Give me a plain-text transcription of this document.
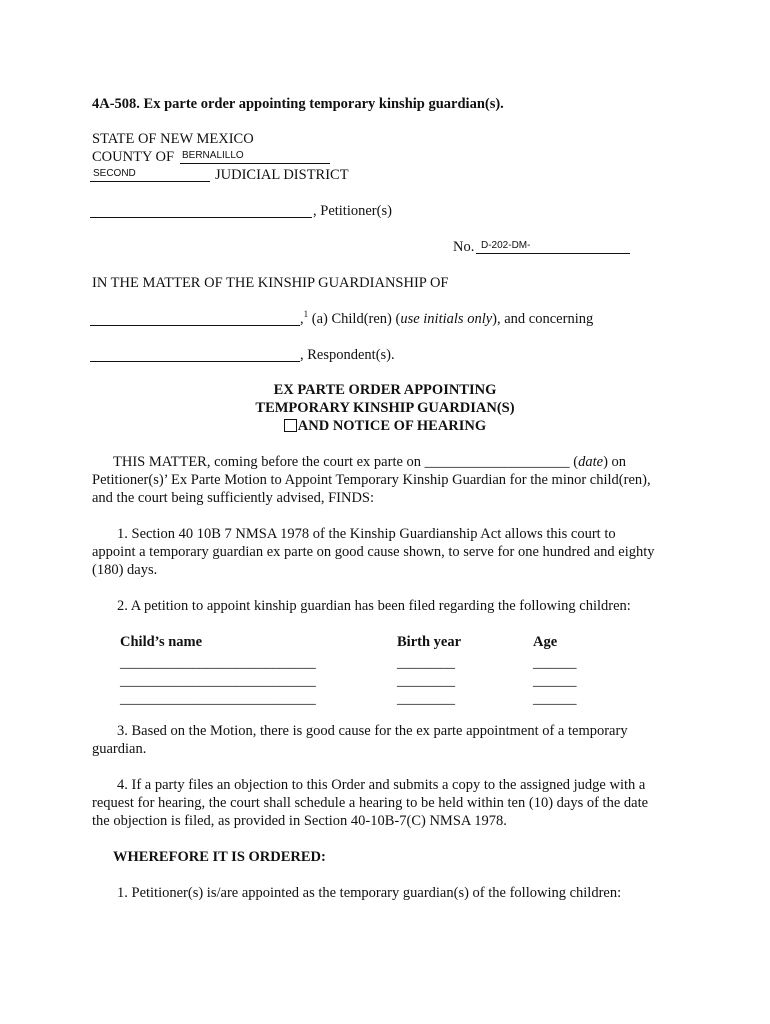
4A-508. Ex parte order appointing temporary kinship guardian(s).
STATE OF NEW MEXICO
COUNTY OF BERNALILLO
SECOND	JUDICIAL DISTRICT
, Petitioner(s)
No. D-202-DM-
IN THE MATTER OF THE KINSHIP GUARDIANSHIP OF
,$^1$ (a) Child(ren) (use initials only), and concerning
, Respondent(s).
EX PARTE ORDER APPOINTING
TEMPORARY KINSHIP GUARDIAN(S)
AND NOTICE OF HEARING
THIS MATTER, coming before the court ex parte on ____________________ (date) on
Petitioner(s)’ Ex Parte Motion to Appoint Temporary Kinship Guardian for the minor child(ren),
and the court being sufficiently advised, FINDS:
1. Section 40 10B 7 NMSA 1978 of the Kinship Guardianship Act allows this court to
appoint a temporary guardian ex parte on good cause shown, to serve for one hundred and eighty
(180) days.
2. A petition to appoint kinship guardian has been filed regarding the following children:
Child’s name	Birth year	Age
___________________________	________	______
___________________________	________	______
___________________________	________	______
3. Based on the Motion, there is good cause for the ex parte appointment of a temporary
guardian.
4. If a party files an objection to this Order and submits a copy to the assigned judge with a
request for hearing, the court shall schedule a hearing to be held within ten (10) days of the date
the objection is filed, as provided in Section 40-10B-7(C) NMSA 1978.
WHEREFORE IT IS ORDERED:
1. Petitioner(s) is/are appointed as the temporary guardian(s) of the following children:
